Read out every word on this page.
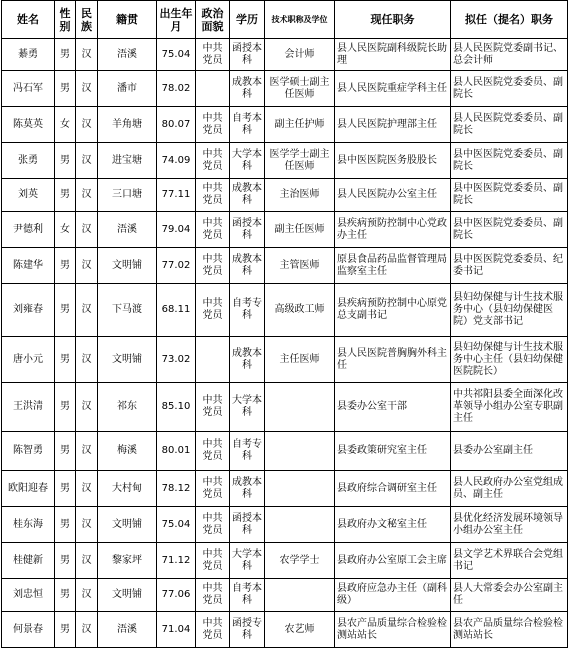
姓名	性别	民族	籍贯	出生年月	政治面貌	学历	技术职称及学位	现任职务	拟任（提名）职务
綦勇	男	汉	浯溪	75.04	中共党员	函授本科	会计师	县人民医院副科级院长助理	县人民医院党委副书记、总会计师
冯石军	男	汉	潘市	78.02		成教本科	医学硕士副主任医师	县人民医院重症学科主任	县人民医院党委委员、副院长
陈莫英	女	汉	羊角塘	80.07	中共党员	自考本科	副主任护师	县人民医院护理部主任	县人民医院党委委员、副院长
张勇	男	汉	进宝塘	74.09	中共党员	大学本科	医学学士副主任医师	县中医医院医务股股长	县中医医院党委委员、副院长
刘英	男	汉	三口塘	77.11	中共党员	成教本科	主治医师	县人民医院办公室主任	县中医医院党委委员、副院长
尹德利	女	汉	浯溪	79.04	中共党员	函授本科	副主任医师	县疾病预防控制中心党政办主任	县中医医院党委委员、副院长
陈建华	男	汉	文明铺	77.02	中共党员	成教本科	主管医师	原县食品药品监督管理局监察室主任	县中医医院党委委员、纪委书记
刘雍春	男	汉	下马渡	68.11	中共党员	自考专科	高级政工师	县疾病预防控制中心原党总支副书记	县妇幼保健与计生技术服务中心（县妇幼保健医院）党支部书记
唐小元	男	汉	文明铺	73.02		成教本科	主任医师	县人民医院普胸胸外科主任	县妇幼保健与计生技术服务中心主任（县妇幼保健医院院长）
王洪清	男	汉	祁东	85.10	中共党员	大学本科		县委办公室干部	中共祁阳县委全面深化改革领导小组办公室专职副主任
陈智勇	男	汉	梅溪	80.01	中共党员	自考专科		县委政策研究室主任	县委办公室副主任
欧阳迎春	男	汉	大村甸	78.12	中共党员	成教本科		县政府综合调研室主任	县人民政府办公室党组成员、副主任
桂东海	男	汉	文明铺	75.04	中共党员	函授本科		县政府办文秘室主任	县优化经济发展环境领导小组办公室主任
桂健新	男	汉	黎家坪	71.12	中共党员	大学本科	农学学士	县政府办公室原工会主席	县文学艺术界联合会党组书记
刘忠恒	男	汉	文明铺	77.06	中共党员	自考本科		县政府应急办主任（副科级）	县人大常委会办公室副主任
何景春	男	汉	浯溪	71.04	中共党员	函授专科	农艺师	县农产品质量综合检验检测站站长	县农产品质量综合检验检测站站长
